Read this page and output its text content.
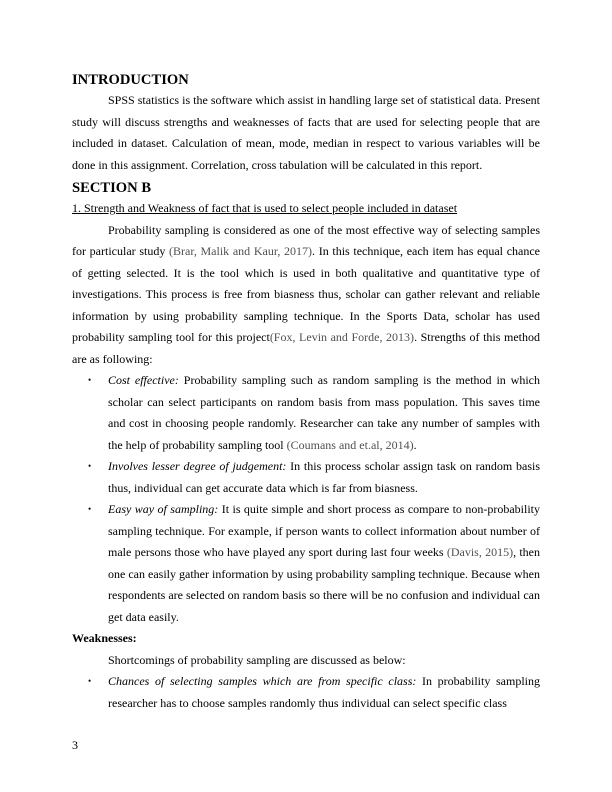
INTRODUCTION

SPSS statistics is the software which assist in handling large set of statistical data. Present study will discuss strengths and weaknesses of facts that are used for selecting people that are included in dataset. Calculation of mean, mode, median in respect to various variables will be done in this assignment. Correlation, cross tabulation will be calculated in this report.

SECTION B

1. Strength and Weakness of fact that is used to select people included in dataset

Probability sampling is considered as one of the most effective way of selecting samples for particular study (Brar, Malik and Kaur, 2017). In this technique, each item has equal chance of getting selected. It is the tool which is used in both qualitative and quantitative type of investigations. This process is free from biasness thus, scholar can gather relevant and reliable information by using probability sampling technique. In the Sports Data, scholar has used probability sampling tool for this project(Fox, Levin and Forde, 2013). Strengths of this method are as following:

• Cost effective: Probability sampling such as random sampling is the method in which scholar can select participants on random basis from mass population. This saves time and cost in choosing people randomly. Researcher can take any number of samples with the help of probability sampling tool (Coumans and et.al, 2014).
• Involves lesser degree of judgement: In this process scholar assign task on random basis thus, individual can get accurate data which is far from biasness.
• Easy way of sampling: It is quite simple and short process as compare to non-probability sampling technique. For example, if person wants to collect information about number of male persons those who have played any sport during last four weeks (Davis, 2015), then one can easily gather information by using probability sampling technique. Because when respondents are selected on random basis so there will be no confusion and individual can get data easily.

Weaknesses:

Shortcomings of probability sampling are discussed as below:

• Chances of selecting samples which are from specific class: In probability sampling researcher has to choose samples randomly thus individual can select specific class
3
